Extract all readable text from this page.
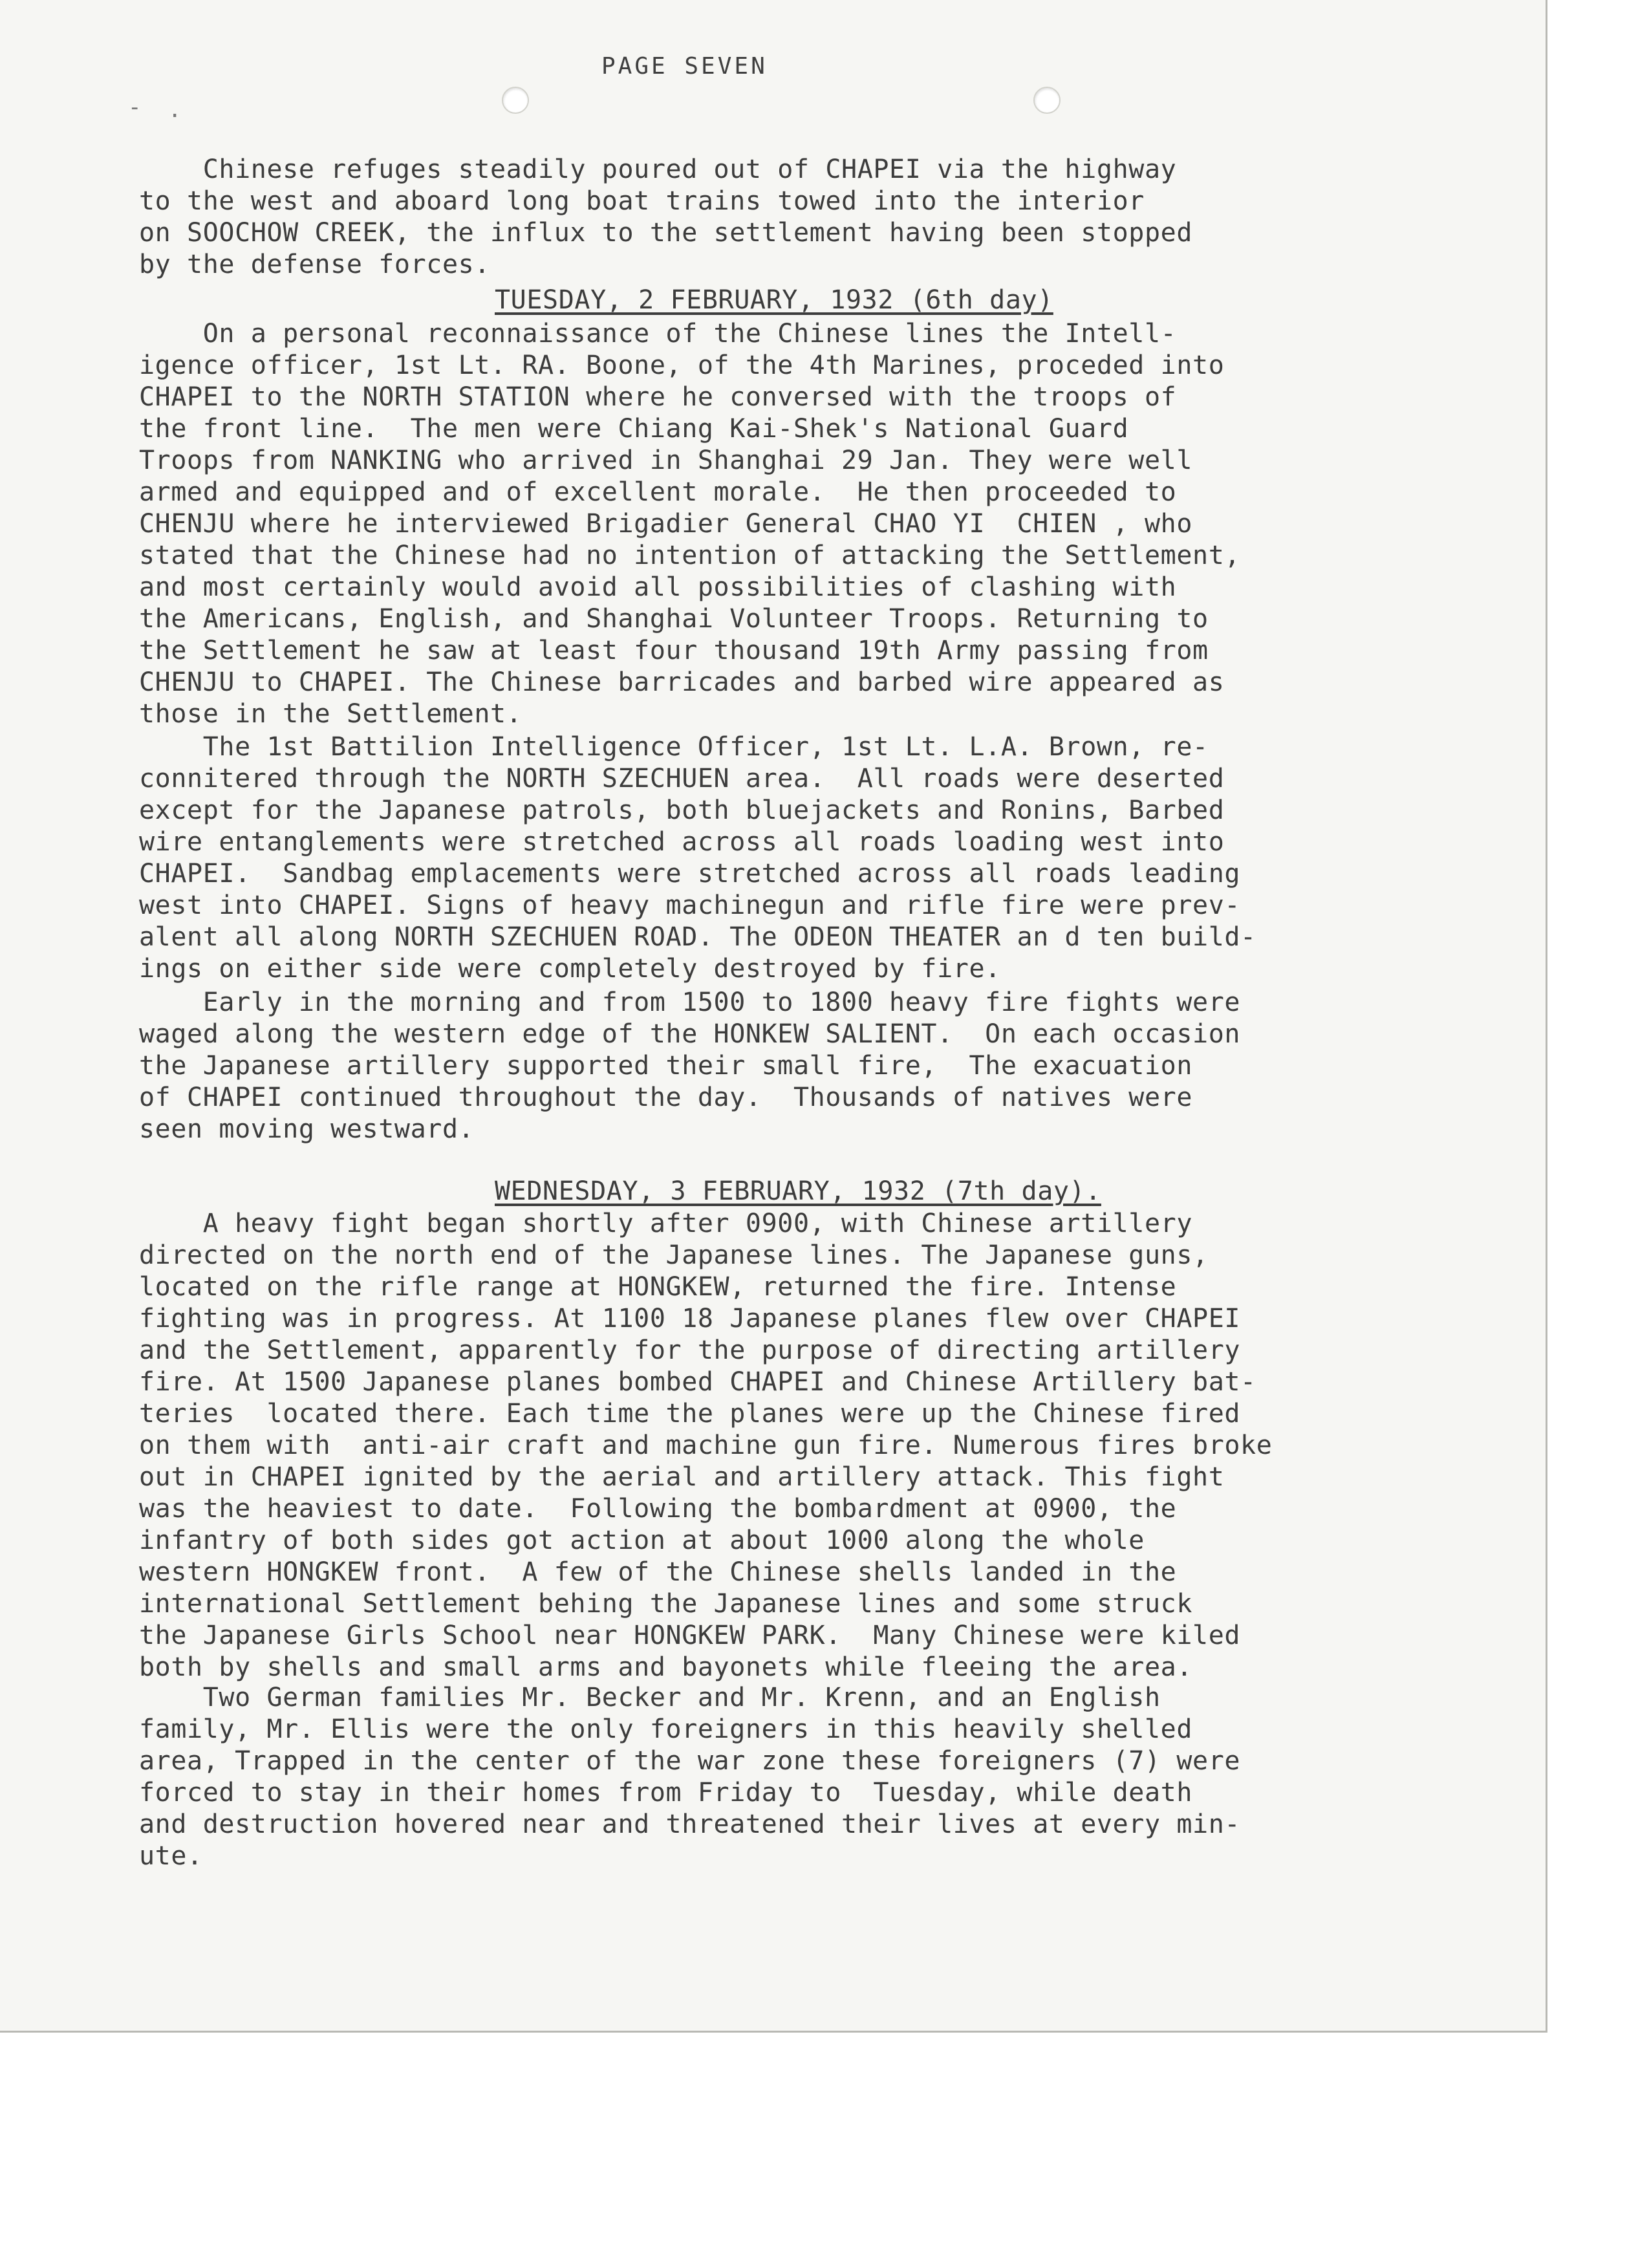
- .
PAGE SEVEN
Chinese refuges steadily poured out of CHAPEI via the highway
to the west and aboard long boat trains towed into the interior
on SOOCHOW CREEK, the influx to the settlement having been stopped
by the defense forces.
TUESDAY, 2 FEBRUARY, 1932 (6th day)
On a personal reconnaissance of the Chinese lines the Intell-
igence officer, 1st Lt. RA. Boone, of the 4th Marines, proceded into
CHAPEI to the NORTH STATION where he conversed with the troops of
the front line.  The men were Chiang Kai-Shek's National Guard
Troops from NANKING who arrived in Shanghai 29 Jan. They were well
armed and equipped and of excellent morale.  He then proceeded to
CHENJU where he interviewed Brigadier General CHAO YI  CHIEN , who
stated that the Chinese had no intention of attacking the Settlement,
and most certainly would avoid all possibilities of clashing with
the Americans, English, and Shanghai Volunteer Troops. Returning to
the Settlement he saw at least four thousand 19th Army passing from
CHENJU to CHAPEI. The Chinese barricades and barbed wire appeared as
those in the Settlement.
The 1st Battilion Intelligence Officer, 1st Lt. L.A. Brown, re-
connitered through the NORTH SZECHUEN area.  All roads were deserted
except for the Japanese patrols, both bluejackets and Ronins, Barbed
wire entanglements were stretched across all roads loading west into
CHAPEI.  Sandbag emplacements were stretched across all roads leading
west into CHAPEI. Signs of heavy machinegun and rifle fire were prev-
alent all along NORTH SZECHUEN ROAD. The ODEON THEATER an d ten build-
ings on either side were completely destroyed by fire.
Early in the morning and from 1500 to 1800 heavy fire fights were
waged along the western edge of the HONKEW SALIENT.  On each occasion
the Japanese artillery supported their small fire,  The exacuation
of CHAPEI continued throughout the day.  Thousands of natives were
seen moving westward.
WEDNESDAY, 3 FEBRUARY, 1932 (7th day).
A heavy fight began shortly after 0900, with Chinese artillery
directed on the north end of the Japanese lines. The Japanese guns,
located on the rifle range at HONGKEW, returned the fire. Intense
fighting was in progress. At 1100 18 Japanese planes flew over CHAPEI
and the Settlement, apparently for the purpose of directing artillery
fire. At 1500 Japanese planes bombed CHAPEI and Chinese Artillery bat-
teries  located there. Each time the planes were up the Chinese fired
on them with  anti-air craft and machine gun fire. Numerous fires broke
out in CHAPEI ignited by the aerial and artillery attack. This fight
was the heaviest to date.  Following the bombardment at 0900, the
infantry of both sides got action at about 1000 along the whole
western HONGKEW front.  A few of the Chinese shells landed in the
international Settlement behing the Japanese lines and some struck
the Japanese Girls School near HONGKEW PARK.  Many Chinese were kiled
both by shells and small arms and bayonets while fleeing the area.
Two German families Mr. Becker and Mr. Krenn, and an English
family, Mr. Ellis were the only foreigners in this heavily shelled
area, Trapped in the center of the war zone these foreigners (7) were
forced to stay in their homes from Friday to  Tuesday, while death
and destruction hovered near and threatened their lives at every min-
ute.
